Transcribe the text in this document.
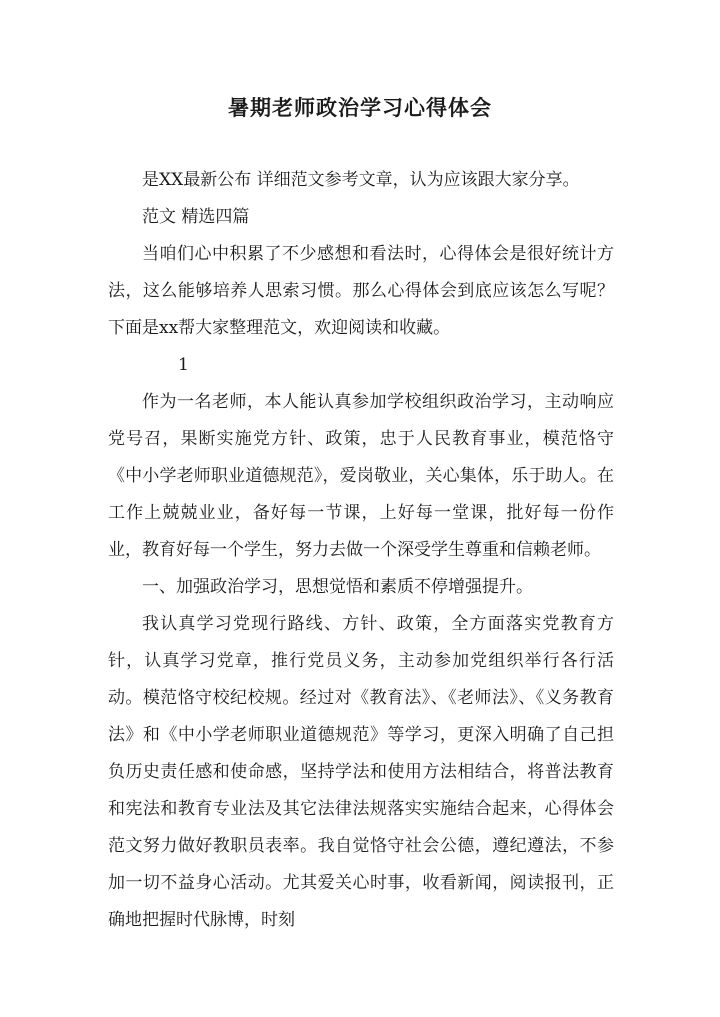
暑期老师政治学习心得体会

是XX最新公布 详细范文参考文章，认为应该跟大家分享。

范文 精选四篇

当咱们心中积累了不少感想和看法时，心得体会是很好统计方法，这么能够培养人思索习惯。那么心得体会到底应该怎么写呢？下面是xx帮大家整理范文，欢迎阅读和收藏。

1

作为一名老师，本人能认真参加学校组织政治学习，主动响应党号召，果断实施党方针、政策，忠于人民教育事业，模范恪守《中小学老师职业道德规范》，爱岗敬业，关心集体，乐于助人。在工作上兢兢业业，备好每一节课，上好每一堂课，批好每一份作业，教育好每一个学生，努力去做一个深受学生尊重和信赖老师。

一、加强政治学习，思想觉悟和素质不停增强提升。

我认真学习党现行路线、方针、政策，全方面落实党教育方针，认真学习党章，推行党员义务，主动参加党组织举行各行活动。模范恪守校纪校规。经过对《教育法》、《老师法》、《义务教育法》和《中小学老师职业道德规范》等学习，更深入明确了自己担负历史责任感和使命感，坚持学法和使用方法相结合，将普法教育和宪法和教育专业法及其它法律法规落实实施结合起来，心得体会范文努力做好教职员表率。我自觉恪守社会公德，遵纪遵法，不参加一切不益身心活动。尤其爱关心时事，收看新闻，阅读报刊，正确地把握时代脉博，时刻
